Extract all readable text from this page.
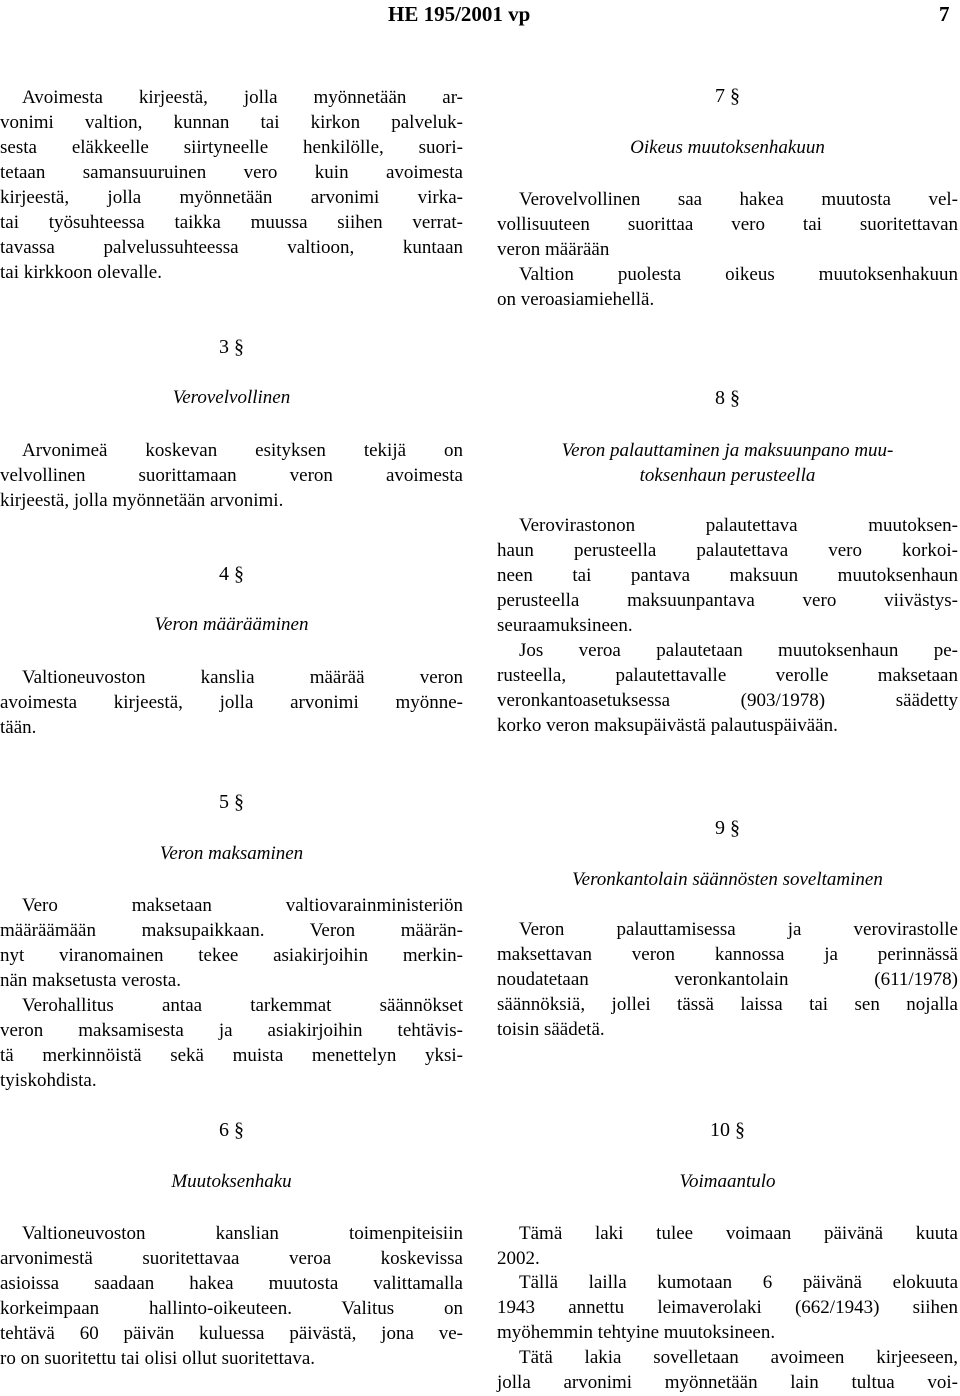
HE 195/2001 vp	7
Avoimesta kirjeestä, jolla myönnetään ar-
vonimi valtion, kunnan tai kirkon palveluk-
sesta eläkkeelle siirtyneelle henkilölle, suori-
tetaan samansuuruinen vero kuin avoimesta
kirjeestä, jolla myönnetään arvonimi virka-
tai työsuhteessa taikka muussa siihen verrat-
tavassa palvelussuhteessa valtioon, kuntaan
tai kirkkoon olevalle.
3 §
Verovelvollinen
Arvonimeä koskevan esityksen tekijä on
velvollinen suorittamaan veron avoimesta
kirjeestä, jolla myönnetään arvonimi.
4 §
Veron määrääminen
Valtioneuvoston kanslia määrää veron
avoimesta kirjeestä, jolla arvonimi myönne-
tään.
5 §
Veron maksaminen
Vero maksetaan valtiovarainministeriön
määräämään maksupaikkaan. Veron määrän-
nyt viranomainen tekee asiakirjoihin merkin-
nän maksetusta verosta.
Verohallitus antaa tarkemmat säännökset
veron maksamisesta ja asiakirjoihin tehtävis-
tä merkinnöistä sekä muista menettelyn yksi-
tyiskohdista.
6 §
Muutoksenhaku
Valtioneuvoston kanslian toimenpiteisiin
arvonimestä suoritettavaa veroa koskevissa
asioissa saadaan hakea muutosta valittamalla
korkeimpaan hallinto-oikeuteen. Valitus on
tehtävä 60 päivän kuluessa päivästä, jona ve-
ro on suoritettu tai olisi ollut suoritettava.
7 §
Oikeus muutoksenhakuun
Verovelvollinen saa hakea muutosta vel-
vollisuuteen suorittaa vero tai suoritettavan
veron määrään
Valtion puolesta oikeus muutoksenhakuun
on veroasiamiehellä.
8 §
Veron palauttaminen ja maksuunpano muu-
toksenhaun perusteella
Verovirastonon palautettava muutoksen-
haun perusteella palautettava vero korkoi-
neen tai pantava maksuun muutoksenhaun
perusteella maksuunpantava vero viivästys-
seuraamuksineen.
Jos veroa palautetaan muutoksenhaun pe-
rusteella, palautettavalle verolle maksetaan
veronkantoasetuksessa (903/1978) säädetty
korko veron maksupäivästä palautuspäivään.
9 §
Veronkantolain säännösten soveltaminen
Veron palauttamisessa ja verovirastolle
maksettavan veron kannossa ja perinnässä
noudatetaan veronkantolain (611/1978)
säännöksiä, jollei tässä laissa tai sen nojalla
toisin säädetä.
10 §
Voimaantulo
Tämä laki tulee voimaan päivänä kuuta
2002.
Tällä lailla kumotaan 6 päivänä elokuuta
1943 annettu leimaverolaki (662/1943) siihen
myöhemmin tehtyine muutoksineen.
Tätä lakia sovelletaan avoimeen kirjeeseen,
jolla arvonimi myönnetään lain tultua voi-
